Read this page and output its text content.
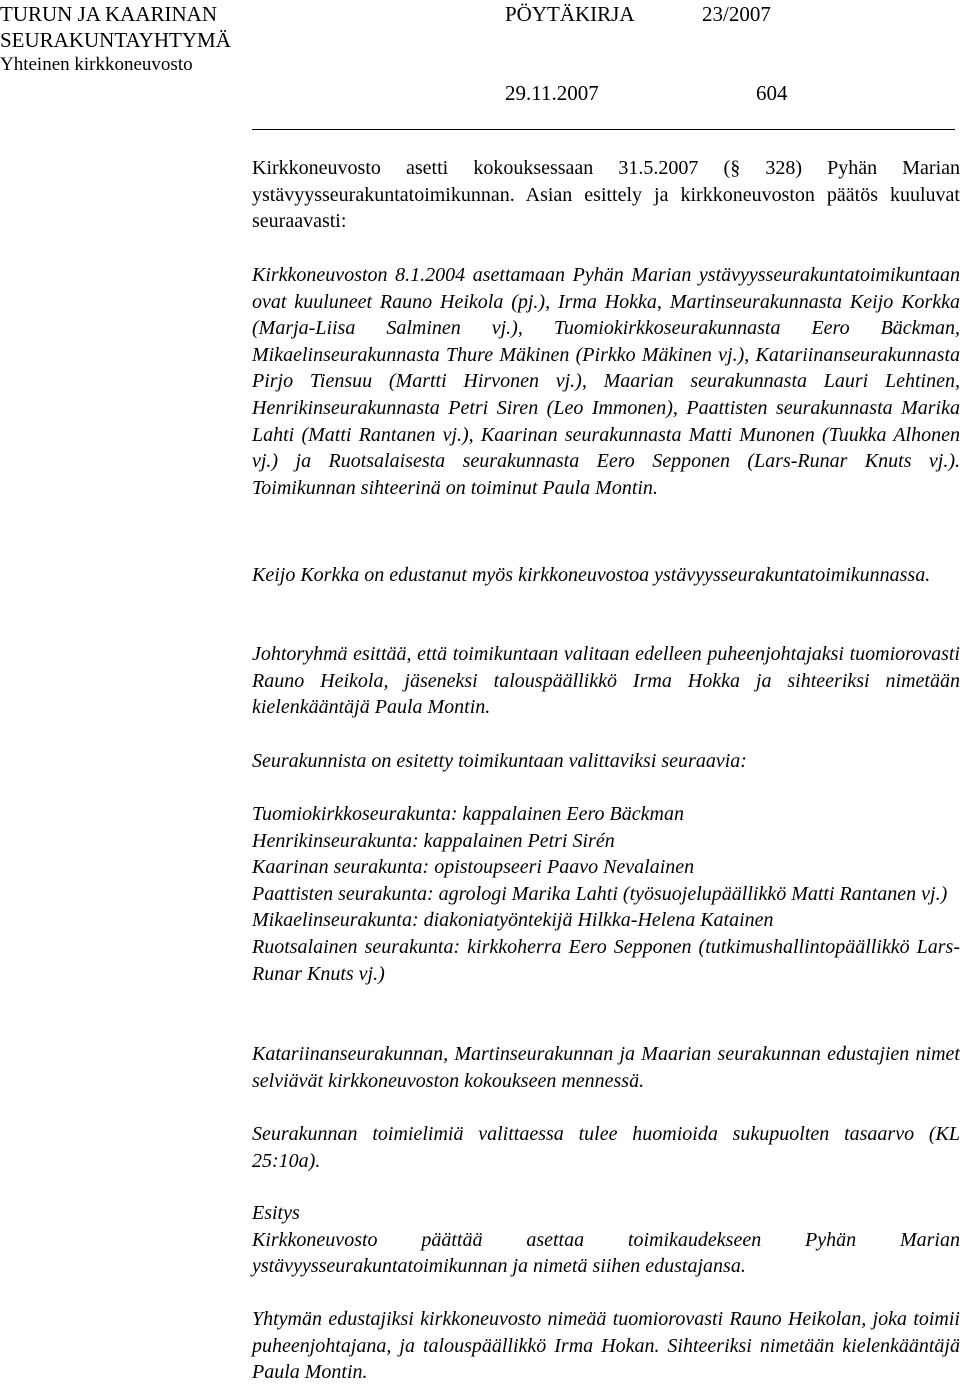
TURUN JA KAARINAN
SEURAKUNTAYHTYMÄ
Yhteinen kirkkoneuvosto
PÖYTÄKIRJA	23/2007
29.11.2007	604

Kirkkoneuvosto asetti kokouksessaan 31.5.2007 (§ 328) Pyhän Marian ystävyysseurakuntatoimikunnan. Asian esittely ja kirkkoneuvoston päätös kuuluvat seuraavasti:

Kirkkoneuvoston 8.1.2004 asettamaan Pyhän Marian ystävyysseurakuntatoimikuntaan ovat kuuluneet Rauno Heikola (pj.), Irma Hokka, Martinseurakunnasta Keijo Korkka (Marja-Liisa Salminen vj.), Tuomiokirkkoseurakunnasta Eero Bäckman, Mikaelinseurakunnasta Thure Mäkinen (Pirkko Mäkinen vj.), Katariinanseurakunnasta Pirjo Tiensuu (Martti Hirvonen vj.), Maarian seurakunnasta Lauri Lehtinen, Henrikinseurakunnasta Petri Siren (Leo Immonen), Paattisten seurakunnasta Marika Lahti (Matti Rantanen vj.), Kaarinan seurakunnasta Matti Munonen (Tuukka Alhonen vj.) ja Ruotsalaisesta seurakunnasta Eero Sepponen (Lars-Runar Knuts vj.). Toimikunnan sihteerinä on toiminut Paula Montin.

Keijo Korkka on edustanut myös kirkkoneuvostoa ystävyysseurakuntatoimikunnassa.

Johtoryhmä esittää, että toimikuntaan valitaan edelleen puheenjohtajaksi tuomiorovasti Rauno Heikola, jäseneksi talouspäällikkö Irma Hokka ja sihteeriksi nimetään kielenkääntäjä Paula Montin.

Seurakunnista on esitetty toimikuntaan valittaviksi seuraavia:

Tuomiokirkkoseurakunta: kappalainen Eero Bäckman

Henrikinseurakunta: kappalainen Petri Sirén

Kaarinan seurakunta: opistoupseeri Paavo Nevalainen

Paattisten seurakunta: agrologi Marika Lahti (työsuojelupäällikkö Matti Rantanen vj.)

Mikaelinseurakunta: diakoniatyöntekijä Hilkka-Helena Katainen

Ruotsalainen seurakunta: kirkkoherra Eero Sepponen (tutkimushallintopäällikkö Lars-Runar Knuts vj.)

Katariinanseurakunnan, Martinseurakunnan ja Maarian seurakunnan edustajien nimet selviävät kirkkoneuvoston kokoukseen mennessä.

Seurakunnan toimielimiä valittaessa tulee huomioida sukupuolten tasaarvo (KL 25:10a).

Esitys

Kirkkoneuvosto päättää asettaa toimikaudekseen Pyhän Marian ystävyysseurakuntatoimikunnan ja nimetä siihen edustajansa.

Yhtymän edustajiksi kirkkoneuvosto nimeää tuomiorovasti Rauno Heikolan, joka toimii puheenjohtajana, ja talouspäällikkö Irma Hokan. Sihteeriksi nimetään kielenkääntäjä Paula Montin.
